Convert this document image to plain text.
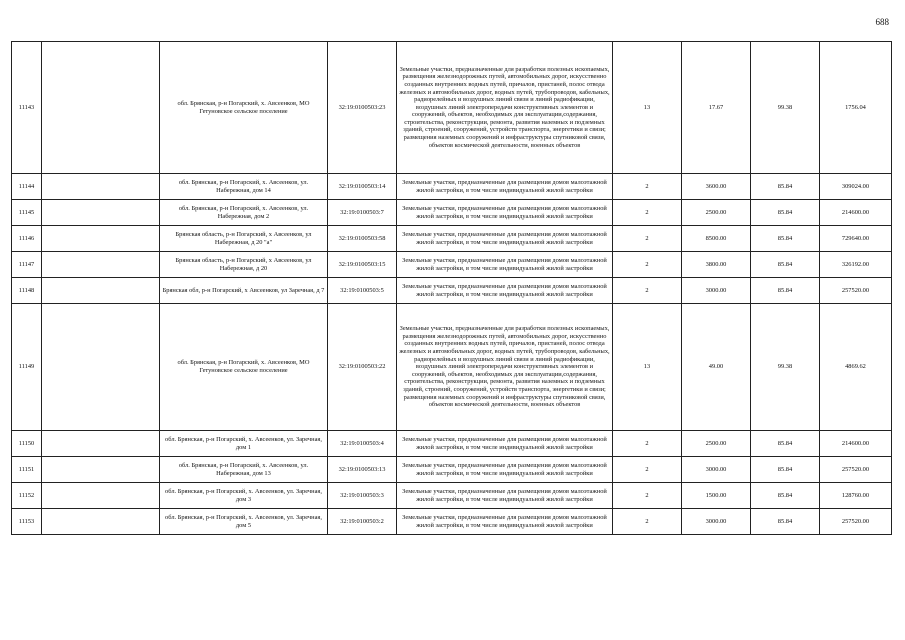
688
11143		обл. Брянская, р-н Погарский, х. Авсеенков, МО Гетуновское сельское поселение	32:19:0100503:23	Земельные участки, предназначенные для разработки полезных ископаемых, размещения железнодорожных путей, автомобильных дорог, искусственно созданных внутренних водных путей, причалов, пристаней, полос отвода железных и автомобильных дорог, водных путей, трубопроводов, кабельных, радиорелейных и воздушных линий связи и линий радиофикации, воздушных линий электропередачи конструктивных элементов и сооружений, объектов, необходимых для эксплуатации,содержания, строительства, реконструкции, ремонта, развития наземных и подземных зданий, строений, сооружений, устройств транспорта, энергетики и связи; размещения наземных сооружений и инфраструктуры спутниковой связи, объектов космической деятельности, военных объектов	13	17.67	99.38	1756.04
11144		обл. Брянская, р-н Погарский, х. Авсеенков, ул. Набережная, дом 14	32:19:0100503:14	Земельные участки, предназначенные для размещения домов малоэтажной жилой застройки, в том числе индивидуальной жилой застройки	2	3600.00	85.84	309024.00
11145		обл. Брянская, р-н Погарский, х. Авсеенков, ул. Набережная, дом 2	32:19:0100503:7	Земельные участки, предназначенные для размещения домов малоэтажной жилой застройки, в том числе индивидуальной жилой застройки	2	2500.00	85.84	214600.00
11146		Брянская область, р-н Погарский, х Авсеенков, ул Набережная, д 20 "а"	32:19:0100503:58	Земельные участки, предназначенные для размещения домов малоэтажной жилой застройки, в том числе индивидуальной жилой застройки	2	8500.00	85.84	729640.00
11147		Брянская область, р-н Погарский, х Авсеенков, ул Набережная, д 20	32:19:0100503:15	Земельные участки, предназначенные для размещения домов малоэтажной жилой застройки, в том числе индивидуальной жилой застройки	2	3800.00	85.84	326192.00
11148		Брянская обл, р-н Погарский, х Авсеенков, ул Заречная, д 7	32:19:0100503:5	Земельные участки, предназначенные для размещения домов малоэтажной жилой застройки, в том числе индивидуальной жилой застройки	2	3000.00	85.84	257520.00
11149		обл. Брянская, р-н Погарский, х. Авсеенков, МО Гетуновское сельское поселение	32:19:0100503:22	Земельные участки, предназначенные для разработки полезных ископаемых, размещения железнодорожных путей, автомобильных дорог, искусственно созданных внутренних водных путей, причалов, пристаней, полос отвода железных и автомобильных дорог, водных путей, трубопроводов, кабельных, радиорелейных и воздушных линий связи и линий радиофикации, воздушных линий электропередачи конструктивных элементов и сооружений, объектов, необходимых для эксплуатации,содержания, строительства, реконструкции, ремонта, развития наземных и подземных зданий, строений, сооружений, устройств транспорта, энергетики и связи; размещения наземных сооружений и инфраструктуры спутниковой связи, объектов космической деятельности, военных объектов	13	49.00	99.38	4869.62
11150		обл. Брянская, р-н Погарский, х. Авсеенков, ул. Заречная, дом 1	32:19:0100503:4	Земельные участки, предназначенные для размещения домов малоэтажной жилой застройки, в том числе индивидуальной жилой застройки	2	2500.00	85.84	214600.00
11151		обл. Брянская, р-н Погарский, х. Авсеенков, ул. Набережная, дом 13	32:19:0100503:13	Земельные участки, предназначенные для размещения домов малоэтажной жилой застройки, в том числе индивидуальной жилой застройки	2	3000.00	85.84	257520.00
11152		обл. Брянская, р-н Погарский, х. Авсеенков, ул. Заречная, дом 3	32:19:0100503:3	Земельные участки, предназначенные для размещения домов малоэтажной жилой застройки, в том числе индивидуальной жилой застройки	2	1500.00	85.84	128760.00
11153		обл. Брянская, р-н Погарский, х. Авсеенков, ул. Заречная, дом 5	32:19:0100503:2	Земельные участки, предназначенные для размещения домов малоэтажной жилой застройки, в том числе индивидуальной жилой застройки	2	3000.00	85.84	257520.00
